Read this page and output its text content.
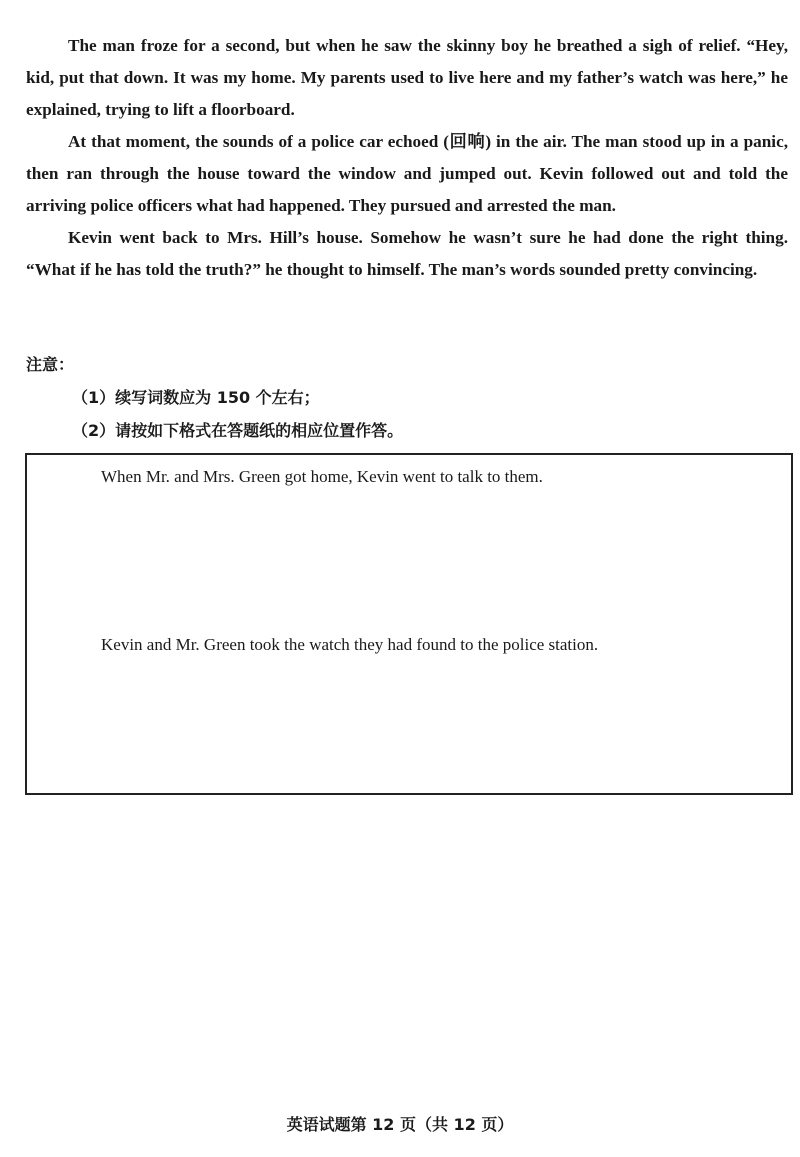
The man froze for a second, but when he saw the skinny boy he breathed a sigh of relief. “Hey, kid, put that down. It was my home. My parents used to live here and my father’s watch was here,” he explained, trying to lift a floorboard.

At that moment, the sounds of a police car echoed (回响) in the air. The man stood up in a panic, then ran through the house toward the window and jumped out. Kevin followed out and told the arriving police officers what had happened. They pursued and arrested the man.

Kevin went back to Mrs. Hill’s house. Somehow he wasn’t sure he had done the right thing. “What if he has told the truth?” he thought to himself. The man’s words sounded pretty convincing.

注意：
（1）续写词数应为 150 个左右；
（2）请按如下格式在答题纸的相应位置作答。
When Mr. and Mrs. Green got home, Kevin went to talk to them.
Kevin and Mr. Green took the watch they had found to the police station.
英语试题第 12 页（共 12 页）
